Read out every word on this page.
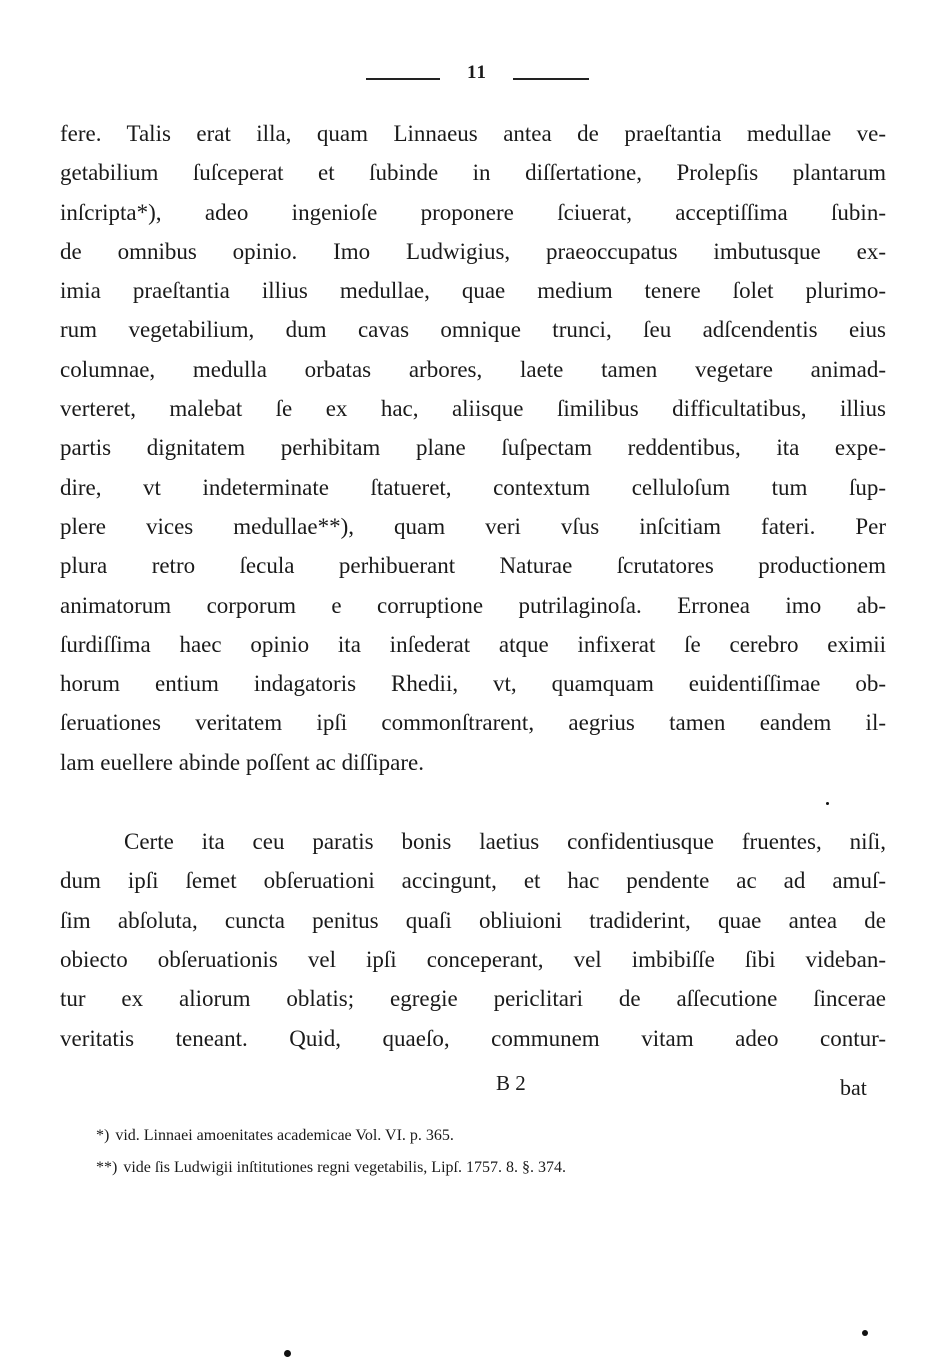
11
fere. Talis erat illa, quam Linnaeus antea de praeſtantia medullae ve-
getabilium ſuſceperat et ſubinde in diſſertatione, Prolepſis plantarum
inſcripta*), adeo ingenioſe proponere ſciuerat, acceptiſſima ſubin-
de omnibus opinio. Imo Ludwigius, praeoccupatus imbutusque ex-
imia praeſtantia illius medullae, quae medium tenere ſolet plurimo-
rum vegetabilium, dum cavas omnique trunci, ſeu adſcendentis eius
columnae, medulla orbatas arbores, laete tamen vegetare animad-
verteret, malebat ſe ex hac, aliisque ſimilibus difficultatibus, illius
partis dignitatem perhibitam plane ſuſpectam reddentibus, ita expe-
dire, vt indeterminate ſtatueret, contextum celluloſum tum ſup-
plere vices medullae**), quam veri vſus inſcitiam fateri. Per
plura retro ſecula perhibuerant Naturae ſcrutatores productionem
animatorum corporum e corruptione putrilaginoſa. Erronea imo ab-
ſurdiſſima haec opinio ita inſederat atque infixerat ſe cerebro eximii
horum entium indagatoris Rhedii, vt, quamquam euidentiſſimae ob-
ſeruationes veritatem ipſi commonſtrarent, aegrius tamen eandem il-
lam euellere abinde poſſent ac diſſipare.
Certe ita ceu paratis bonis laetius confidentiusque fruentes, niſi,
dum ipſi ſemet obſeruationi accingunt, et hac pendente ac ad amuſ-
ſim abſoluta, cuncta penitus quaſi obliuioni tradiderint, quae antea de
obiecto obſeruationis vel ipſi conceperant, vel imbibiſſe ſibi videban-
tur ex aliorum oblatis; egregie periclitari de aſſecutione ſincerae
veritatis teneant. Quid, quaeſo, communem vitam adeo contur-
B 2	bat
*) vid. Linnaei amoenitates academicae Vol. VI. p. 365.
**) vide ſis Ludwigii inſtitutiones regni vegetabilis, Lipſ. 1757. 8. §. 374.
